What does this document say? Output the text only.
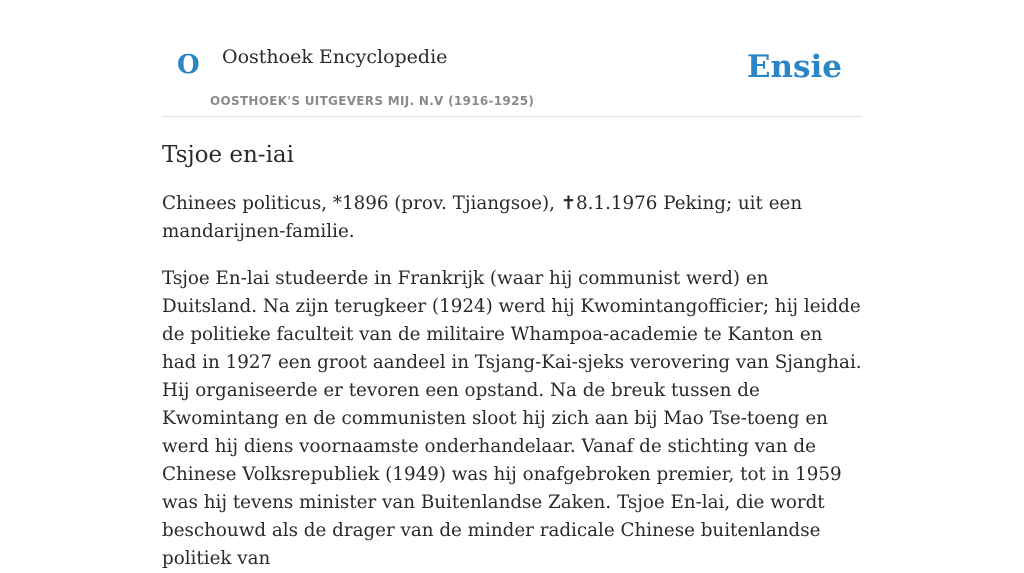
O Oosthoek Encyclopedie
OOSTHOEK'S UITGEVERS MIJ. N.V (1916-1925)
Ensie
Tsjoe en-iai

Chinees politicus, *1896 (prov. Tjiangsoe), ✝8.1.1976 Peking; uit een mandarijnen-familie.

Tsjoe En-lai studeerde in Frankrijk (waar hij communist werd) en Duitsland. Na zijn terugkeer (1924) werd hij Kwomintangofficier; hij leidde de politieke faculteit van de militaire Whampoa-academie te Kanton en had in 1927 een groot aandeel in Tsjang-Kai-sjeks verovering van Sjanghai. Hij organiseerde er tevoren een opstand. Na de breuk tussen de Kwomintang en de communisten sloot hij zich aan bij Mao Tse-toeng en werd hij diens voornaamste onderhandelaar. Vanaf de stichting van de Chinese Volksrepubliek (1949) was hij onafgebroken premier, tot in 1959 was hij tevens minister van Buitenlandse Zaken. Tsjoe En-lai, die wordt beschouwd als de drager van de minder radicale Chinese buitenlandse politiek van
